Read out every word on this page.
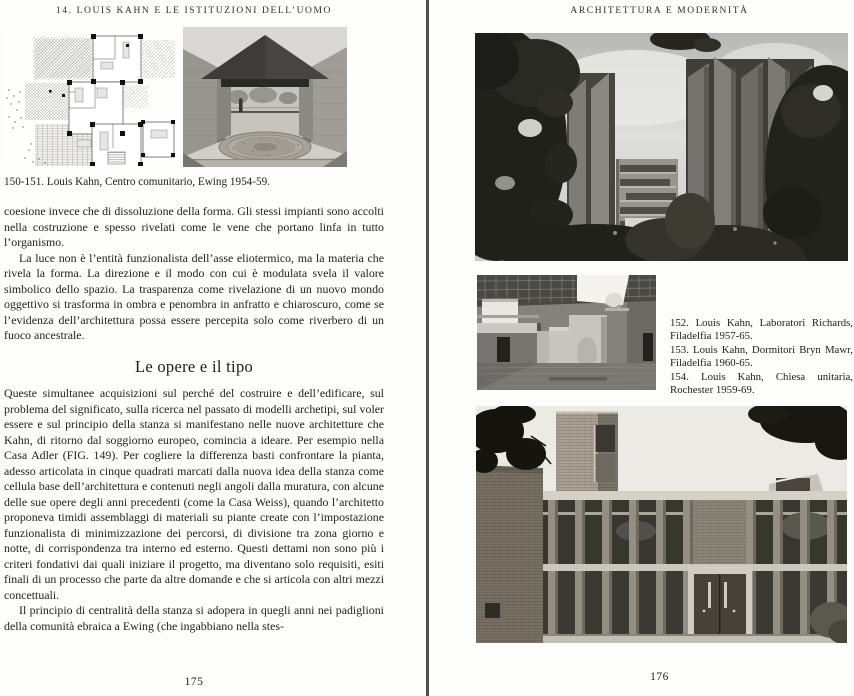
14. LOUIS KAHN E LE ISTITUZIONI DELL’UOMO
150-151. Louis Kahn, Centro comunitario, Ewing 1954-59.

coesione invece che di dissoluzione della forma. Gli stessi impianti sono accolti nella costruzione e spesso rivelati come le vene che portano linfa in tutto l’organismo.

La luce non è l’entità funzionalista dell’asse eliotermico, ma la materia che rivela la forma. La direzione e il modo con cui è modulata svela il valore simbolico dello spazio. La trasparenza come rivelazione di un nuovo mondo oggettivo si trasforma in ombra e penombra in anfratto e chiaroscuro, come se l’evidenza dell’architettura possa essere percepita solo come riverbero di un fuoco ancestrale.

Le opere e il tipo

Queste simultanee acquisizioni sul perché del costruire e dell’edificare, sul problema del significato, sulla ricerca nel passato di modelli archetipi, sul voler essere e sul principio della stanza si manifestano nelle nuove architetture che Kahn, di ritorno dal soggiorno europeo, comincia a ideare. Per esempio nella Casa Adler (FIG. 149). Per cogliere la differenza basti confrontare la pianta, adesso articolata in cinque quadrati marcati dalla nuova idea della stanza come cellula base dell’architettura e contenuti negli angoli dalla muratura, con alcune delle sue opere degli anni precedenti (come la Casa Weiss), quando l’architetto proponeva timidi assemblaggi di materiali su piante create con l’impostazione funzionalista di minimizzazione dei percorsi, di divisione tra zona giorno e notte, di corrispondenza tra interno ed esterno. Questi dettami non sono più i criteri fondativi dai quali iniziare il progetto, ma diventano solo requisiti, esiti finali di un processo che parte da altre domande e che si articola con altri mezzi concettuali.

Il principio di centralità della stanza si adopera in quegli anni nei padiglioni della comunità ebraica a Ewing (che ingabbiano nella stes-

175
ARCHITETTURA E MODERNITÀ

152. Louis Kahn, Laboratori Richards, Filadelfia 1957-65.

153. Louis Kahn, Dormitori Bryn Mawr, Filadelfia 1960-65.

154. Louis Kahn, Chiesa unitaria, Rochester 1959-69.

176
